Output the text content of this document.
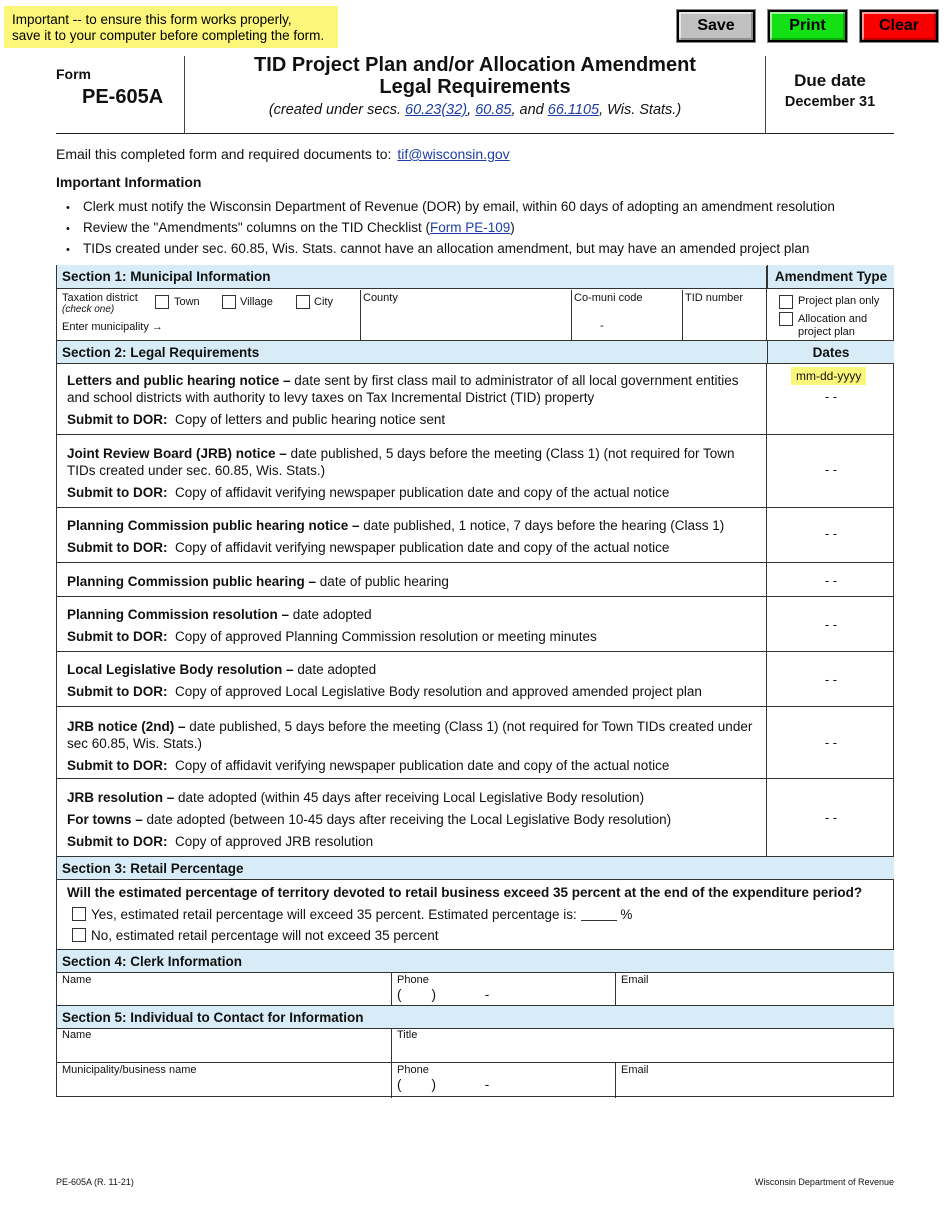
Important -- to ensure this form works properly,
save it to your computer before completing the form.
Save	Print	Clear
Form
PE-605A
TID Project Plan and/or Allocation Amendment
Legal Requirements
(created under secs. 60.23(32), 60.85, and 66.1105, Wis. Stats.)
Due date
December 31
Email this completed form and required documents to: tif@wisconsin.gov
Important Information
• Clerk must notify the Wisconsin Department of Revenue (DOR) by email, within 60 days of adopting an amendment resolution
• Review the "Amendments" columns on the TID Checklist (Form PE-109)
• TIDs created under sec. 60.85, Wis. Stats. cannot have an allocation amendment, but may have an amended project plan
Section 1: Municipal Information	Amendment Type
Taxation district
(check one)
Town	Village	City
Enter municipality →
County	Co-muni code
-
TID number	Project plan only
Allocation and
project plan
Section 2: Legal Requirements	Dates

Letters and public hearing notice – date sent by first class mail to administrator of all local government entities and school districts with authority to levy taxes on Tax Incremental District (TID) property

Submit to DOR: Copy of letters and public hearing notice sent

mm-dd-yyyy
- -

Joint Review Board (JRB) notice – date published, 5 days before the meeting (Class 1) (not required for Town TIDs created under sec. 60.85, Wis. Stats.)

Submit to DOR: Copy of affidavit verifying newspaper publication date and copy of the actual notice

- -

Planning Commission public hearing notice – date published, 1 notice, 7 days before the hearing (Class 1)

Submit to DOR: Copy of affidavit verifying newspaper publication date and copy of the actual notice

- -

Planning Commission public hearing – date of public hearing	- -

Planning Commission resolution – date adopted

Submit to DOR: Copy of approved Planning Commission resolution or meeting minutes

- -

Local Legislative Body resolution – date adopted

Submit to DOR: Copy of approved Local Legislative Body resolution and approved amended project plan

- -

JRB notice (2nd) – date published, 5 days before the meeting (Class 1) (not required for Town TIDs created under sec 60.85, Wis. Stats.)

Submit to DOR: Copy of affidavit verifying newspaper publication date and copy of the actual notice

- -

JRB resolution – date adopted (within 45 days after receiving Local Legislative Body resolution)

For towns – date adopted (between 10-45 days after receiving the Local Legislative Body resolution)

Submit to DOR: Copy of approved JRB resolution

- -
Section 3: Retail Percentage
Will the estimated percentage of territory devoted to retail business exceed 35 percent at the end of the expenditure period?
Yes, estimated retail percentage will exceed 35 percent. Estimated percentage is:	%
No, estimated retail percentage will not exceed 35 percent
Section 4: Clerk Information
Name	Phone
(        )             -
Email
Section 5: Individual to Contact for Information
Name	Title
Municipality/business name	Phone
(        )             -
Email
PE-605A (R. 11-21)	Wisconsin Department of Revenue
